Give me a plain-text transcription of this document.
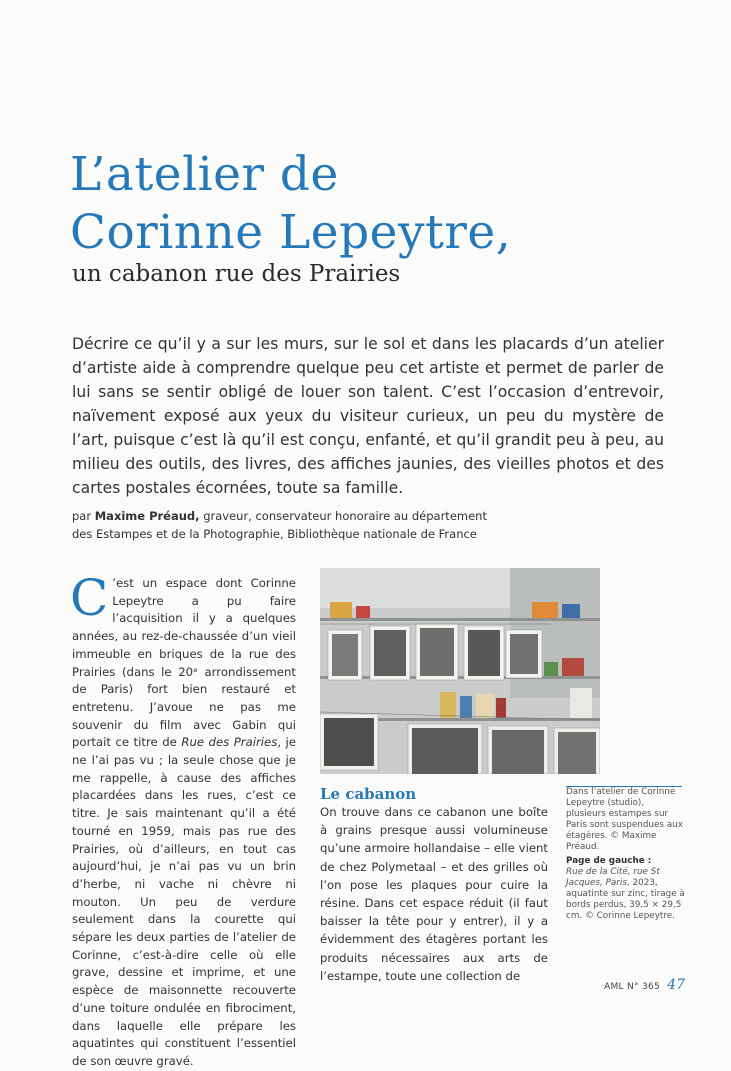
L’atelier de
Corinne Lepeytre,
un cabanon rue des Prairies

Décrire ce qu’il y a sur les murs, sur le sol et dans les placards d’un atelier d’artiste aide à comprendre quelque peu cet artiste et permet de parler de lui sans se sentir obligé de louer son talent. C’est l’occasion d’entrevoir, naïvement exposé aux yeux du visiteur curieux, un peu du mystère de l’art, puisque c’est là qu’il est conçu, enfanté, et qu’il grandit peu à peu, au milieu des outils, des livres, des affiches jaunies, des vieilles photos et des cartes postales écornées, toute sa famille.

par Maxime Préaud, graveur, conservateur honoraire au département
des Estampes et de la Photographie, Bibliothèque nationale de France
C ’est un espace dont Corinne Lepeytre a pu faire l’acquisition il y a quelques années, au rez-de-chaussée d’un vieil immeuble en briques de la rue des Prairies (dans le 20ᵉ arrondissement de Paris) fort bien restauré et entretenu. J’avoue ne pas me souvenir du film avec Gabin qui portait ce titre de Rue des Prairies, je ne l’ai pas vu ; la seule chose que je me rappelle, à cause des affiches placardées dans les rues, c’est ce titre. Je sais maintenant qu’il a été tourné en 1959, mais pas rue des Prairies, où d’ailleurs, en tout cas aujourd’hui, je n’ai pas vu un brin d’herbe, ni vache ni chèvre ni mouton. Un peu de verdure seulement dans la courette qui sépare les deux parties de l’atelier de Corinne, c’est-à-dire celle où elle grave, dessine et imprime, et une espèce de maisonnette recouverte d’une toiture ondulée en fibrociment, dans laquelle elle prépare les aquatintes qui constituent l’essentiel de son œuvre gravé.
Le cabanon
On trouve dans ce cabanon une boîte à grains presque aussi volumineuse qu’une armoire hollandaise – elle vient de chez Polymetaal – et des grilles où l’on pose les plaques pour cuire la résine. Dans cet espace réduit (il faut baisser la tête pour y entrer), il y a évidemment des étagères portant les produits nécessaires aux arts de l’estampe, toute une collection de
Dans l’atelier de Corinne Lepeytre (studio), plusieurs estampes sur Paris sont suspendues aux étagères. © Maxime Préaud.
Page de gauche :
Rue de la Cité, rue St Jacques, Paris, 2023, aquatinte sur zinc, tirage à bords perdus, 39,5 × 29,5 cm. © Corinne Lepeytre.
AML N° 365 47
